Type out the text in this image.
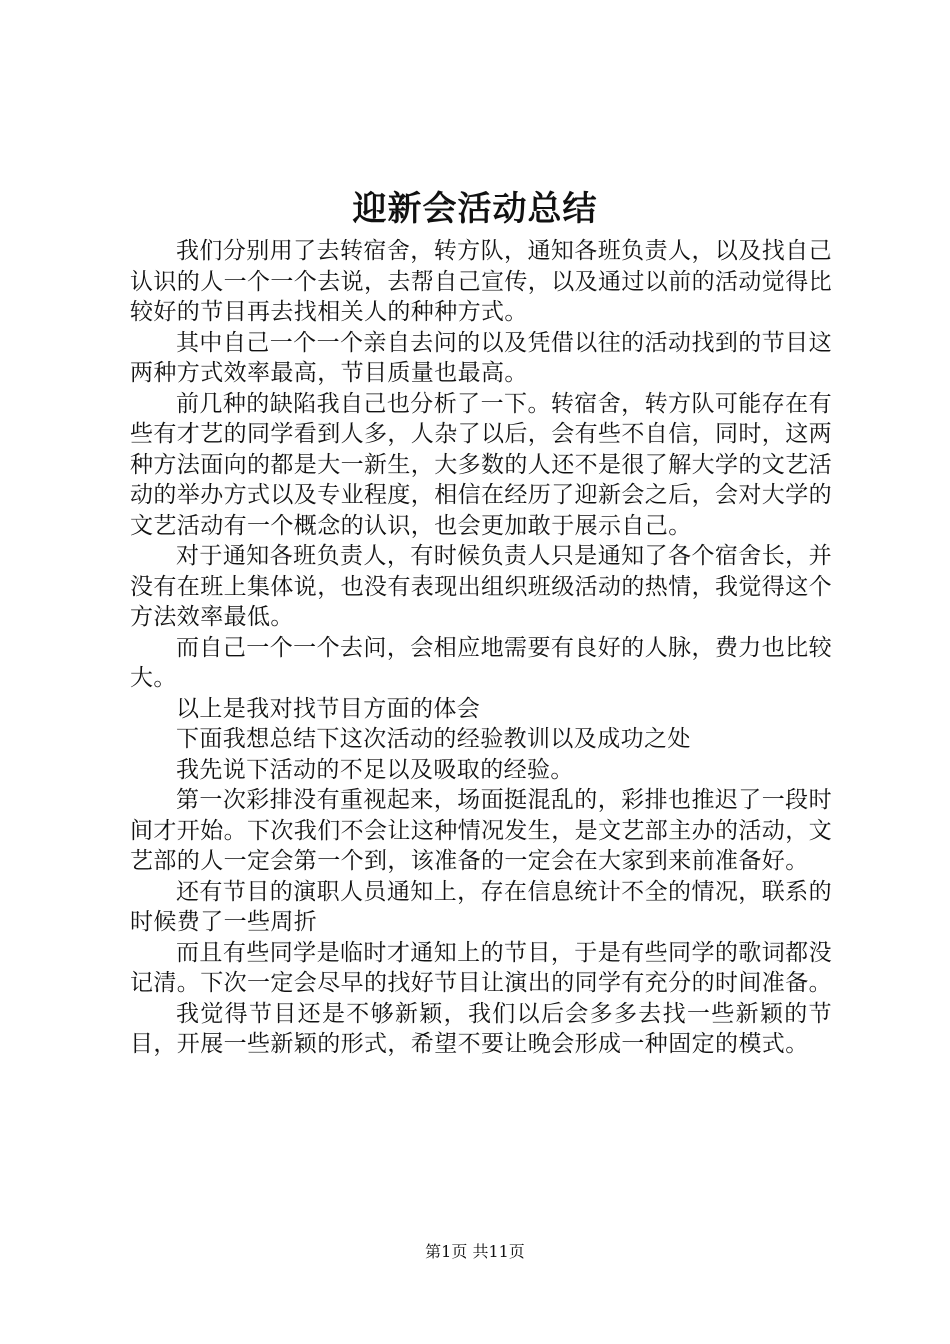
迎新会活动总结

我们分别用了去转宿舍，转方队，通知各班负责人，以及找自己认识的人一个一个去说，去帮自己宣传，以及通过以前的活动觉得比较好的节目再去找相关人的种种方式。

其中自己一个一个亲自去问的以及凭借以往的活动找到的节目这两种方式效率最高，节目质量也最高。

前几种的缺陷我自己也分析了一下。转宿舍，转方队可能存在有些有才艺的同学看到人多，人杂了以后，会有些不自信，同时，这两种方法面向的都是大一新生，大多数的人还不是很了解大学的文艺活动的举办方式以及专业程度，相信在经历了迎新会之后，会对大学的文艺活动有一个概念的认识，也会更加敢于展示自己。

对于通知各班负责人，有时候负责人只是通知了各个宿舍长，并没有在班上集体说，也没有表现出组织班级活动的热情，我觉得这个方法效率最低。

而自己一个一个去问，会相应地需要有良好的人脉，费力也比较大。

以上是我对找节目方面的体会

下面我想总结下这次活动的经验教训以及成功之处

我先说下活动的不足以及吸取的经验。

第一次彩排没有重视起来，场面挺混乱的，彩排也推迟了一段时间才开始。下次我们不会让这种情况发生，是文艺部主办的活动，文艺部的人一定会第一个到，该准备的一定会在大家到来前准备好。

还有节目的演职人员通知上，存在信息统计不全的情况，联系的时候费了一些周折

而且有些同学是临时才通知上的节目，于是有些同学的歌词都没记清。下次一定会尽早的找好节目让演出的同学有充分的时间准备。

我觉得节目还是不够新颖，我们以后会多多去找一些新颖的节目，开展一些新颖的形式，希望不要让晚会形成一种固定的模式。

第1页 共11页
